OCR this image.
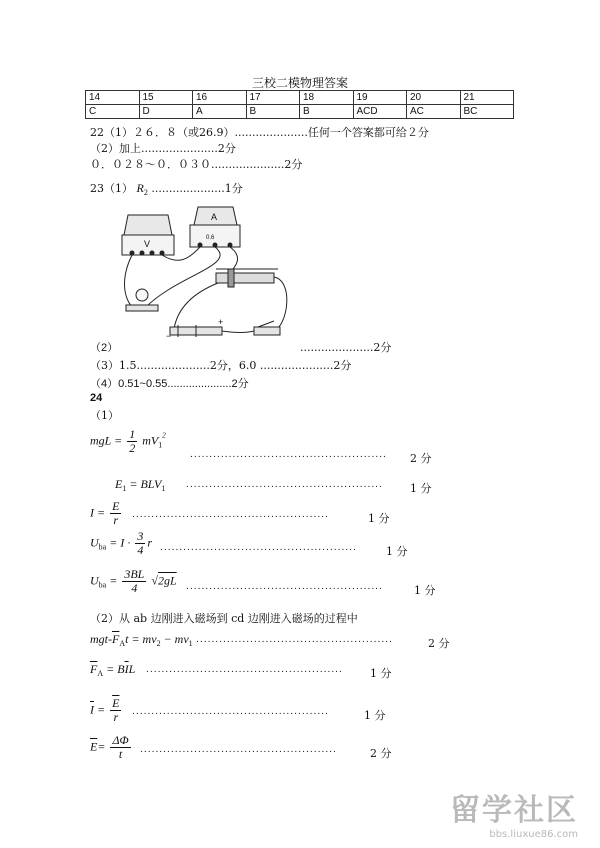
三校二模物理答案
14	15	16	17	18	19	20	21
C	D	A	B	B	ACD	AC	BC
22（1）２６．８（或26.9）.....................任何一个答案都可给２分
（2）加上......................2分
０．０２８～０．０３０.....................2分
23（1） $R_2$ .....................1分
V
A
0.6
−
+
（2）	.....................2分
（3）1.5.....................2分，6.0 .....................2分
（4）0.51~0.55.....................2分
24
（1）
mgL = $\frac{1}{2} mV_1^2$
................................................... 2 分
$E_1 = BLV_1$ ................................................... 1 分
$I = \frac{E}{r}$ ...................................................	1 分
$U_{ba} = I \cdot \frac{3}{4}$ r ...................................................	1 分
$U_{ba} = \frac{3BL}{4} √2gL$ ...................................................	1 分
（2）从 ab 边刚进入磁场到 cd 边刚进入磁场的过程中
mgt-$\overline{F}_At = mv_2 - mv_1$ ...................................................	2 分
$\overline{F}_A = B\overline{I}L$ ................................................... 1 分
$\overline{I} = \frac{\overline{E}}{r}$ ...................................................	1 分
$\overline{E}= \frac{\Delta\Phi}{t}$ ...................................................	2 分
留学社区
bbs.liuxue86.com
